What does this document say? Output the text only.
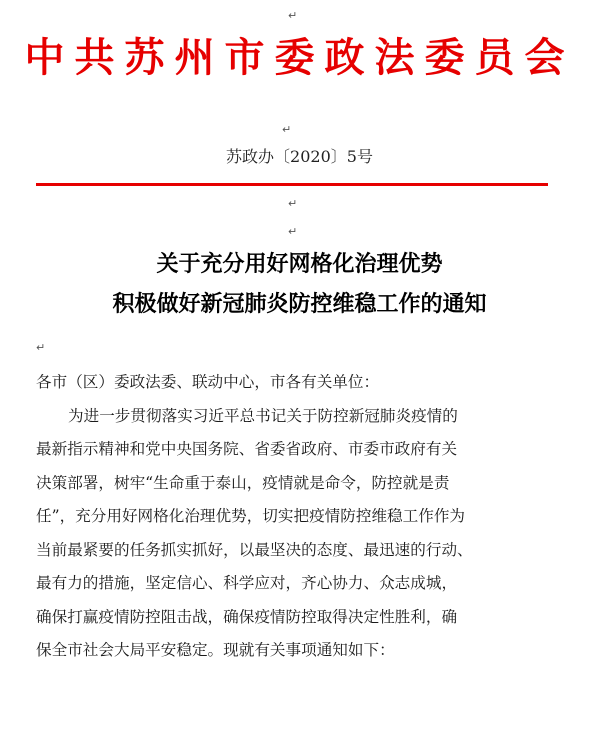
↵
中共苏州市委政法委员会
↵
苏政办〔2020〕5号
↵
↵
关于充分用好网格化治理优势
积极做好新冠肺炎防控维稳工作的通知
↵
各市（区）委政法委、联动中心，市各有关单位：
为进一步贯彻落实习近平总书记关于防控新冠肺炎疫情的
最新指示精神和党中央国务院、省委省政府、市委市政府有关
决策部署，树牢“生命重于泰山，疫情就是命令，防控就是责
任”，充分用好网格化治理优势，切实把疫情防控维稳工作作为
当前最紧要的任务抓实抓好，以最坚决的态度、最迅速的行动、
最有力的措施，坚定信心、科学应对，齐心协力、众志成城，
确保打赢疫情防控阻击战，确保疫情防控取得决定性胜利，确
保全市社会大局平安稳定。现就有关事项通知如下：
